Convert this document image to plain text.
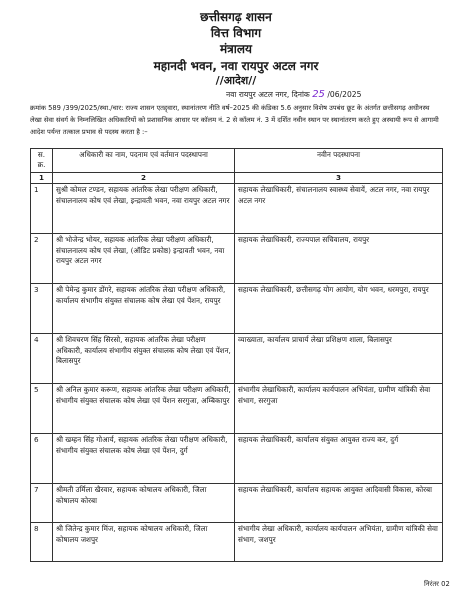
छत्तीसगढ़ शासन
वित्त विभाग
मंत्रालय
महानदी भवन, नवा रायपुर अटल नगर
//आदेश//
नवा रायपुर अटल नगर, दिनांक 25 /06/2025
क्रमांक 589 /399/2025/स्था./चार: राज्य शासन एतद्द्वारा, स्थानांतरण नीति वर्ष–2025 की कंडिका 5.6 अनुसार विशेष उपबंध छूट के अंतर्गत छत्तीसगढ़ अधीनस्थ लेखा सेवा संवर्ग के निम्नलिखित अधिकारियों को प्रशासनिक आधार पर कॉलम नं. 2 से कॉलम नं. 3 में दर्शित नवीन स्थान पर स्थानांतरण करते हुए अस्थायी रूप से आगामी आदेश पर्यन्त तत्काल प्रभाव से पदस्थ करता है :–
स. क्र.	अधिकारी का नाम, पदनाम एवं वर्तमान पदस्थापना	नवीन पदस्थापना
1	2	3
1	सुश्री कोमल टण्डन, सहायक आंतरिक लेखा परीक्षण अधिकारी, संचालनालय कोष एवं लेखा, इन्द्रावती भवन, नवा रायपुर अटल नगर	सहायक लेखाधिकारी, संचालनालय स्वास्थ्य सेवायें, अटल नगर, नवा रायपुर अटल नगर
2	श्री भोजेन्द्र भोयर, सहायक आंतरिक लेखा परीक्षण अधिकारी, संचालनालय कोष एवं लेखा, (ऑडिट प्रकोष्ठ) इन्द्रावती भवन, नवा रायपुर अटल नगर	सहायक लेखाधिकारी, राज्यपाल सचिवालय, रायपुर
3	श्री पेमेन्द्र कुमार डोंगरे, सहायक आंतरिक लेखा परीक्षण अधिकारी, कार्यालय संभागीय संयुक्त संचालक कोष लेखा एवं पेंशन, रायपुर	सहायक लेखाधिकारी, छत्तीसगढ़ योग आयोग, योग भवन, धरमपुरा, रायपुर
4	श्री शिवचरण सिंह सिरसो, सहायक आंतरिक लेखा परीक्षण अधिकारी, कार्यालय संभागीय संयुक्त संचालक कोष लेखा एवं पेंशन, बिलासपुर	व्याख्याता, कार्यालय प्राचार्य लेखा प्रशिक्षण शाला, बिलासपुर
5	श्री अनिल कुमार करूण, सहायक आंतरिक लेखा परीक्षण अधिकारी, संभागीय संयुक्त संचालक कोष लेखा एवं पेंशन सरगुजा, अम्बिकापुर	संभागीय लेखाधिकारी, कार्यालय कार्यपालन अभियंता, ग्रामीण यांत्रिकी सेवा संभाग, सरगुजा
6	श्री खम्हन सिंह गोआर्य, सहायक आंतरिक लेखा परीक्षण अधिकारी, संभागीय संयुक्त संचालक कोष लेखा एवं पेंशन, दुर्ग	सहायक लेखाधिकारी, कार्यालय संयुक्त आयुक्त राज्य कर, दुर्ग
7	श्रीमती उर्मिला खैरवार, सहायक कोषालय अधिकारी, जिला कोषालय कोरबा	सहायक लेखाधिकारी, कार्यालय सहायक आयुक्त आदिवासी विकास, कोरबा
8	श्री जितेन्द्र कुमार मिंज, सहायक कोषालय अधिकारी, जिला कोषालय जशपुर	संभागीय लेखा अधिकारी, कार्यालय कार्यपालन अभियंता, ग्रामीण यांत्रिकी सेवा संभाग, जशपुर
निरंतर 02
